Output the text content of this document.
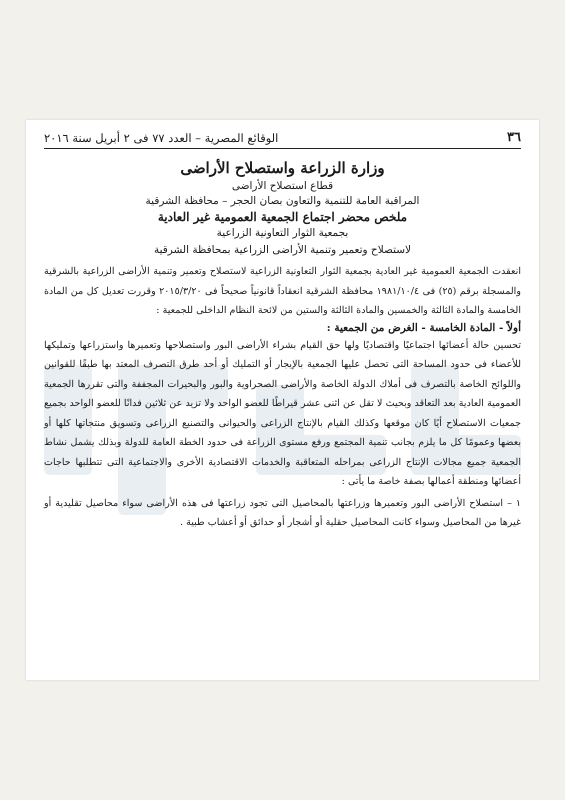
٣٦
الوقائع المصرية – العدد ٧٧ فى ٢ أبريل سنة ٢٠١٦
وزارة الزراعة واستصلاح الأراضى
قطاع استصلاح الأراضى
المراقبة العامة للتنمية والتعاون بصان الحجر – محافظة الشرقية
ملخص محضر اجتماع الجمعية العمومية غير العادية
بجمعية الثوار التعاونية الزراعية
لاستصلاح وتعمير وتنمية الأراضى الزراعية بمحافظة الشرقية
انعقدت الجمعية العمومية غير العادية بجمعية الثوار التعاونية الزراعية لاستصلاح وتعمير وتنمية الأراضى الزراعية بالشرقية والمسجلة برقم (٢٥) فى ١٩٨١/١٠/٤ محافظة الشرقية انعقاداً قانونياً صحيحاً فى ٢٠١٥/٣/٢٠ وقررت تعديل كل من المادة الخامسة والمادة الثالثة والخمسين والمادة الثالثة والستين من لائحة النظام الداخلى للجمعية :
أولاً - المادة الخامسة - الغرض من الجمعية :
تحسين حالة أعضائها اجتماعيًا واقتصاديًا ولها حق القيام بشراء الأراضى البور واستصلاحها وتعميرها واستزراعها وتمليكها للأعضاء فى حدود المساحة التى تحصل عليها الجمعية بالإيجار أو التمليك أو أحد طرق التصرف المعتد بها طبقًا للقوانين واللوائح الخاصة بالتصرف فى أملاك الدولة الخاصة والأراضى الصحراوية والبور والبحيرات المجففة والتى تقررها الجمعية العمومية العادية بعد التعاقد وبحيث لا تقل عن اثنى عشر قيراطًا للعضو الواحد ولا تزيد عن ثلاثين فدانًا للعضو الواحد بجميع جمعيات الاستصلاح أيًا كان موقعها وكذلك القيام بالإنتاج الزراعى والحيوانى والتصنيع الزراعى وتسويق منتجاتها كلها أو بعضها وعمومًا كل ما يلزم بجانب تنمية المجتمع ورفع مستوى الزراعة فى حدود الخطة العامة للدولة وبذلك يشمل نشاط الجمعية جميع مجالات الإنتاج الزراعى بمراحله المتعاقبة والخدمات الاقتصادية الأخرى والاجتماعية التى تتطلبها حاجات أعضائها ومنطقة أعمالها بصفة خاصة ما يأتى :
١ – استصلاح الأراضى البور وتعميرها وزراعتها بالمحاصيل التى تجود زراعتها فى هذه الأراضى سواء محاصيل تقليدية أو غيرها من المحاصيل وسواء كانت المحاصيل حقلية أو أشجار أو حدائق أو أعشاب طبية .
